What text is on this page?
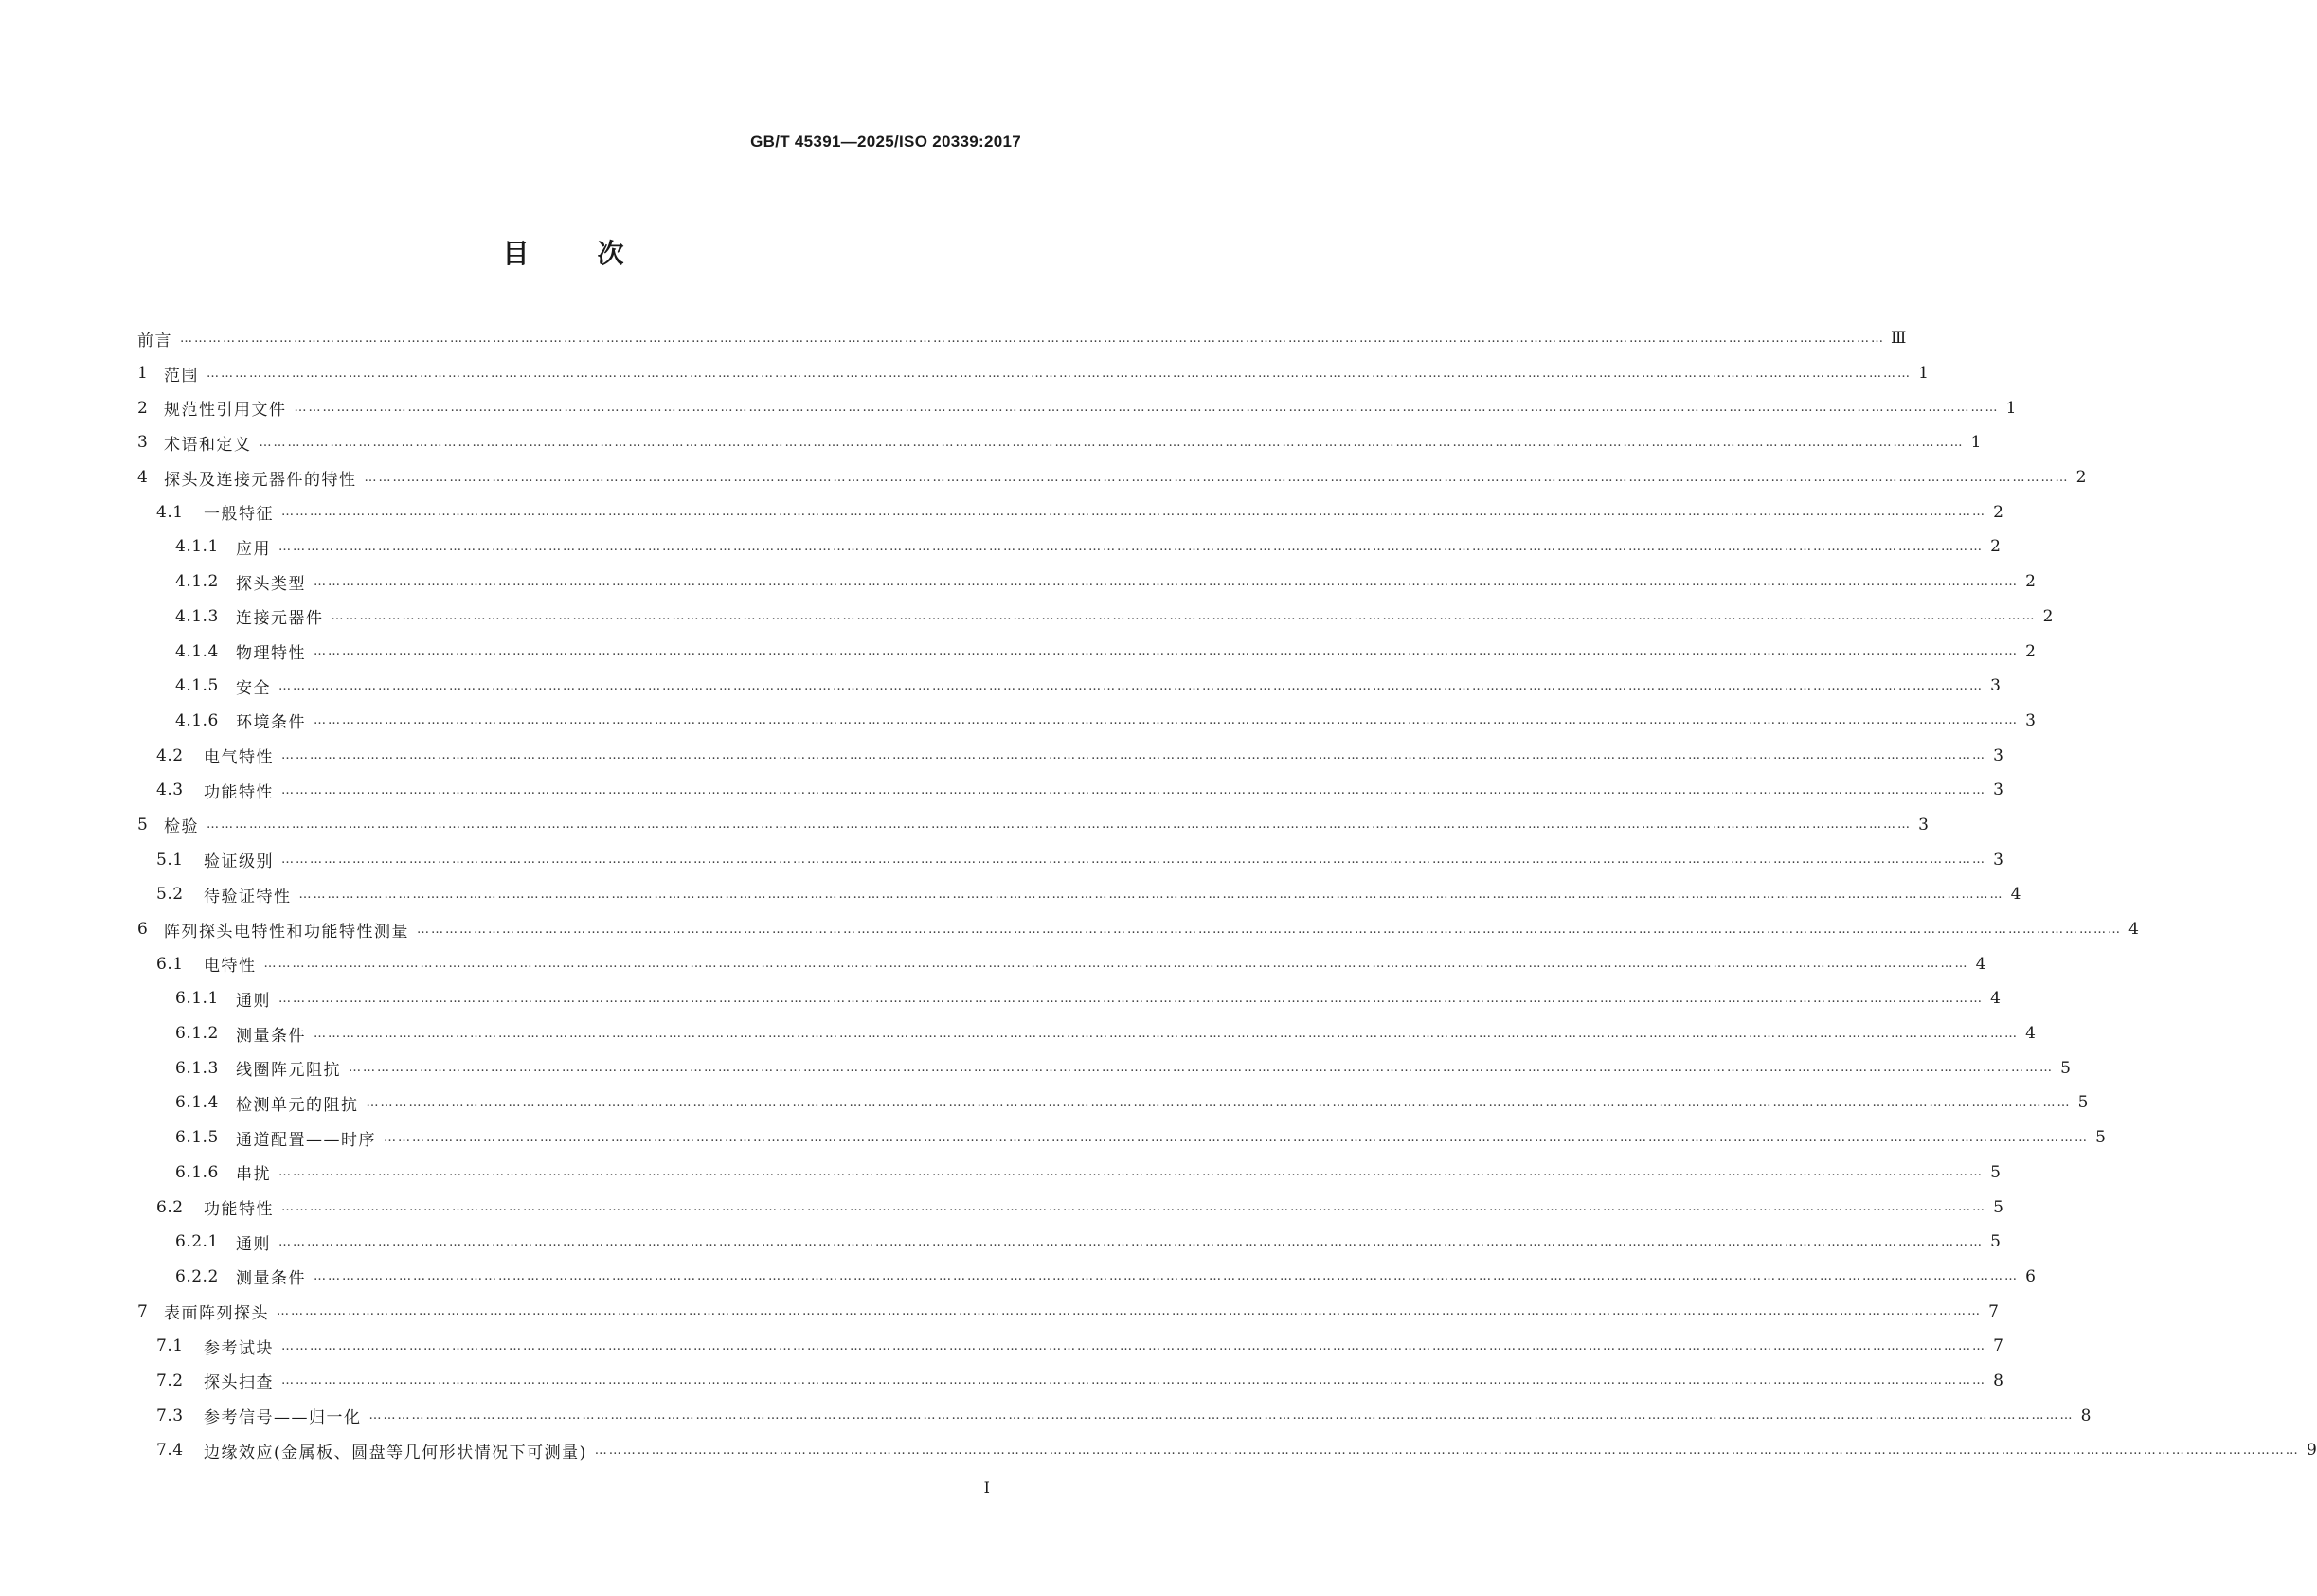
GB/T 45391—2025/ISO 20339:2017
目	次
前言 ……………………………………………………………………………………………………………………………………………………………………………………………………………………………………………………………………………………………………………………………… Ⅲ
1 范围 ……………………………………………………………………………………………………………………………………………………………………………………………………………………………………………………………………………………………………………………………… 1
2 规范性引用文件 ……………………………………………………………………………………………………………………………………………………………………………………………………………………………………………………………………………………………………………………………… 1
3 术语和定义 ……………………………………………………………………………………………………………………………………………………………………………………………………………………………………………………………………………………………………………………………… 1
4 探头及连接元器件的特性 ……………………………………………………………………………………………………………………………………………………………………………………………………………………………………………………………………………………………………………………………… 2
4.1	一般特征 ……………………………………………………………………………………………………………………………………………………………………………………………………………………………………………………………………………………………………………………………… 2
4.1.1 应用 ……………………………………………………………………………………………………………………………………………………………………………………………………………………………………………………………………………………………………………………………… 2
4.1.2 探头类型 ……………………………………………………………………………………………………………………………………………………………………………………………………………………………………………………………………………………………………………………………… 2
4.1.3 连接元器件 ……………………………………………………………………………………………………………………………………………………………………………………………………………………………………………………………………………………………………………………………… 2
4.1.4 物理特性 ……………………………………………………………………………………………………………………………………………………………………………………………………………………………………………………………………………………………………………………………… 2
4.1.5 安全 ……………………………………………………………………………………………………………………………………………………………………………………………………………………………………………………………………………………………………………………………… 3
4.1.6 环境条件 ……………………………………………………………………………………………………………………………………………………………………………………………………………………………………………………………………………………………………………………………… 3
4.2	电气特性 ……………………………………………………………………………………………………………………………………………………………………………………………………………………………………………………………………………………………………………………………… 3
4.3	功能特性 ……………………………………………………………………………………………………………………………………………………………………………………………………………………………………………………………………………………………………………………………… 3
5 检验 ……………………………………………………………………………………………………………………………………………………………………………………………………………………………………………………………………………………………………………………………… 3
5.1	验证级别 ……………………………………………………………………………………………………………………………………………………………………………………………………………………………………………………………………………………………………………………………… 3
5.2	待验证特性 ……………………………………………………………………………………………………………………………………………………………………………………………………………………………………………………………………………………………………………………………… 4
6 阵列探头电特性和功能特性测量 ……………………………………………………………………………………………………………………………………………………………………………………………………………………………………………………………………………………………………………………………… 4
6.1	电特性 ……………………………………………………………………………………………………………………………………………………………………………………………………………………………………………………………………………………………………………………………… 4
6.1.1 通则 ……………………………………………………………………………………………………………………………………………………………………………………………………………………………………………………………………………………………………………………………… 4
6.1.2 测量条件 ……………………………………………………………………………………………………………………………………………………………………………………………………………………………………………………………………………………………………………………………… 4
6.1.3 线圈阵元阻抗 ……………………………………………………………………………………………………………………………………………………………………………………………………………………………………………………………………………………………………………………………… 5
6.1.4 检测单元的阻抗 ……………………………………………………………………………………………………………………………………………………………………………………………………………………………………………………………………………………………………………………………… 5
6.1.5 通道配置——时序 ……………………………………………………………………………………………………………………………………………………………………………………………………………………………………………………………………………………………………………………………… 5
6.1.6 串扰 ……………………………………………………………………………………………………………………………………………………………………………………………………………………………………………………………………………………………………………………………… 5
6.2	功能特性 ……………………………………………………………………………………………………………………………………………………………………………………………………………………………………………………………………………………………………………………………… 5
6.2.1 通则 ……………………………………………………………………………………………………………………………………………………………………………………………………………………………………………………………………………………………………………………………… 5
6.2.2 测量条件 ……………………………………………………………………………………………………………………………………………………………………………………………………………………………………………………………………………………………………………………………… 6
7 表面阵列探头 ……………………………………………………………………………………………………………………………………………………………………………………………………………………………………………………………………………………………………………………………… 7
7.1	参考试块 ……………………………………………………………………………………………………………………………………………………………………………………………………………………………………………………………………………………………………………………………… 7
7.2	探头扫查 ……………………………………………………………………………………………………………………………………………………………………………………………………………………………………………………………………………………………………………………………… 8
7.3	参考信号——归一化 ……………………………………………………………………………………………………………………………………………………………………………………………………………………………………………………………………………………………………………………………… 8
7.4	边缘效应(金属板、圆盘等几何形状情况下可测量) ……………………………………………………………………………………………………………………………………………………………………………………………………………………………………………………………………………………………………………………………… 9
Ⅰ
